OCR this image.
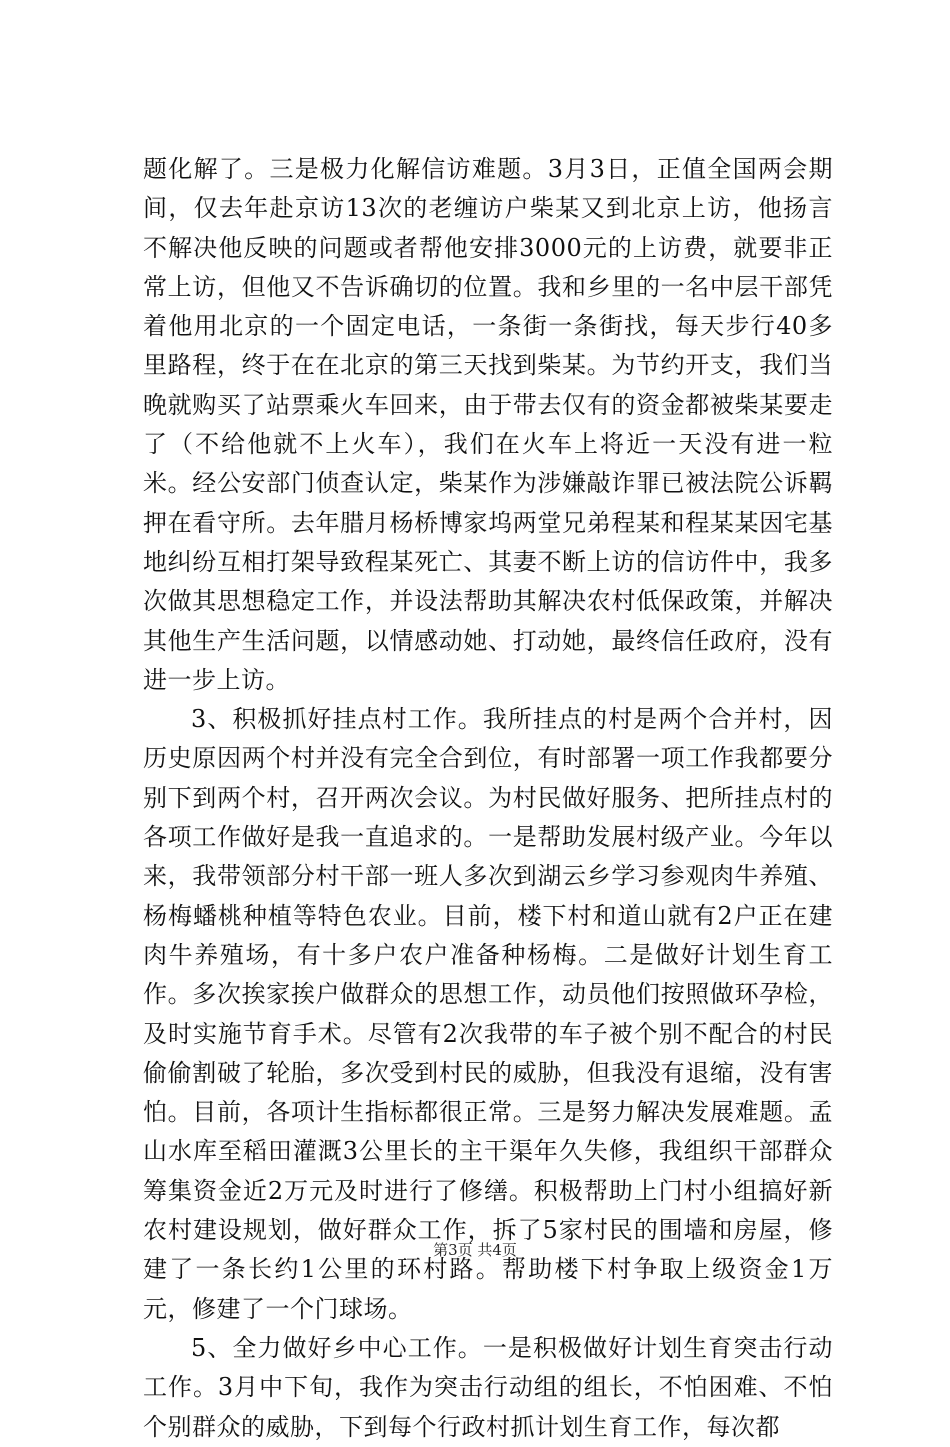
题化解了。三是极力化解信访难题。3月3日，正值全国两会期间，仅去年赴京访13次的老缠访户柴某又到北京上访，他扬言不解决他反映的问题或者帮他安排3000元的上访费，就要非正常上访，但他又不告诉确切的位置。我和乡里的一名中层干部凭着他用北京的一个固定电话，一条街一条街找，每天步行40多里路程，终于在在北京的第三天找到柴某。为节约开支，我们当晚就购买了站票乘火车回来，由于带去仅有的资金都被柴某要走了（不给他就不上火车），我们在火车上将近一天没有进一粒米。经公安部门侦查认定，柴某作为涉嫌敲诈罪已被法院公诉羁押在看守所。去年腊月杨桥博家坞两堂兄弟程某和程某某因宅基地纠纷互相打架导致程某死亡、其妻不断上访的信访件中，我多次做其思想稳定工作，并设法帮助其解决农村低保政策，并解决其他生产生活问题，以情感动她、打动她，最终信任政府，没有进一步上访。

3、积极抓好挂点村工作。我所挂点的村是两个合并村，因历史原因两个村并没有完全合到位，有时部署一项工作我都要分别下到两个村，召开两次会议。为村民做好服务、把所挂点村的各项工作做好是我一直追求的。一是帮助发展村级产业。今年以来，我带领部分村干部一班人多次到湖云乡学习参观肉牛养殖、杨梅蟠桃种植等特色农业。目前，楼下村和道山就有2户正在建肉牛养殖场，有十多户农户准备种杨梅。二是做好计划生育工作。多次挨家挨户做群众的思想工作，动员他们按照做环孕检，及时实施节育手术。尽管有2次我带的车子被个别不配合的村民偷偷割破了轮胎，多次受到村民的威胁，但我没有退缩，没有害怕。目前，各项计生指标都很正常。三是努力解决发展难题。孟山水库至稻田灌溉3公里长的主干渠年久失修，我组织干部群众筹集资金近2万元及时进行了修缮。积极帮助上门村小组搞好新农村建设规划，做好群众工作，拆了5家村民的围墙和房屋，修建了一条长约1公里的环村路。帮助楼下村争取上级资金1万元，修建了一个门球场。

5、全力做好乡中心工作。一是积极做好计划生育突击行动工作。3月中下旬，我作为突击行动组的组长，不怕困难、不怕个别群众的威胁，下到每个行政村抓计划生育工作，每次都

第3页 共4页
